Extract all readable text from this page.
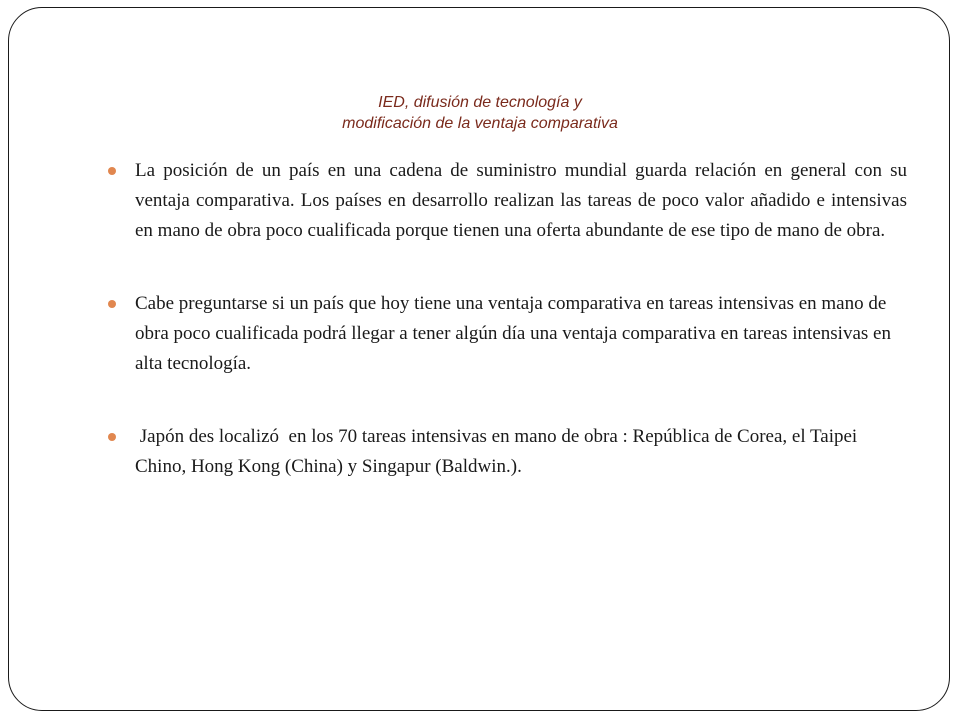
IED, difusión de tecnología y
modificación de la ventaja comparativa
La posición de un país en una cadena de suministro mundial guarda relación en general con su ventaja comparativa. Los países en desarrollo realizan las tareas de poco valor añadido e intensivas en mano de obra poco cualificada porque tienen una oferta abundante de ese tipo de mano de obra.
Cabe preguntarse si un país que hoy tiene una ventaja comparativa en tareas intensivas en mano de obra poco cualificada podrá llegar a tener algún día una ventaja comparativa en tareas intensivas en alta tecnología.
Japón des localizó  en los 70 tareas intensivas en mano de obra : República de Corea, el Taipei Chino, Hong Kong (China) y Singapur (Baldwin.).
